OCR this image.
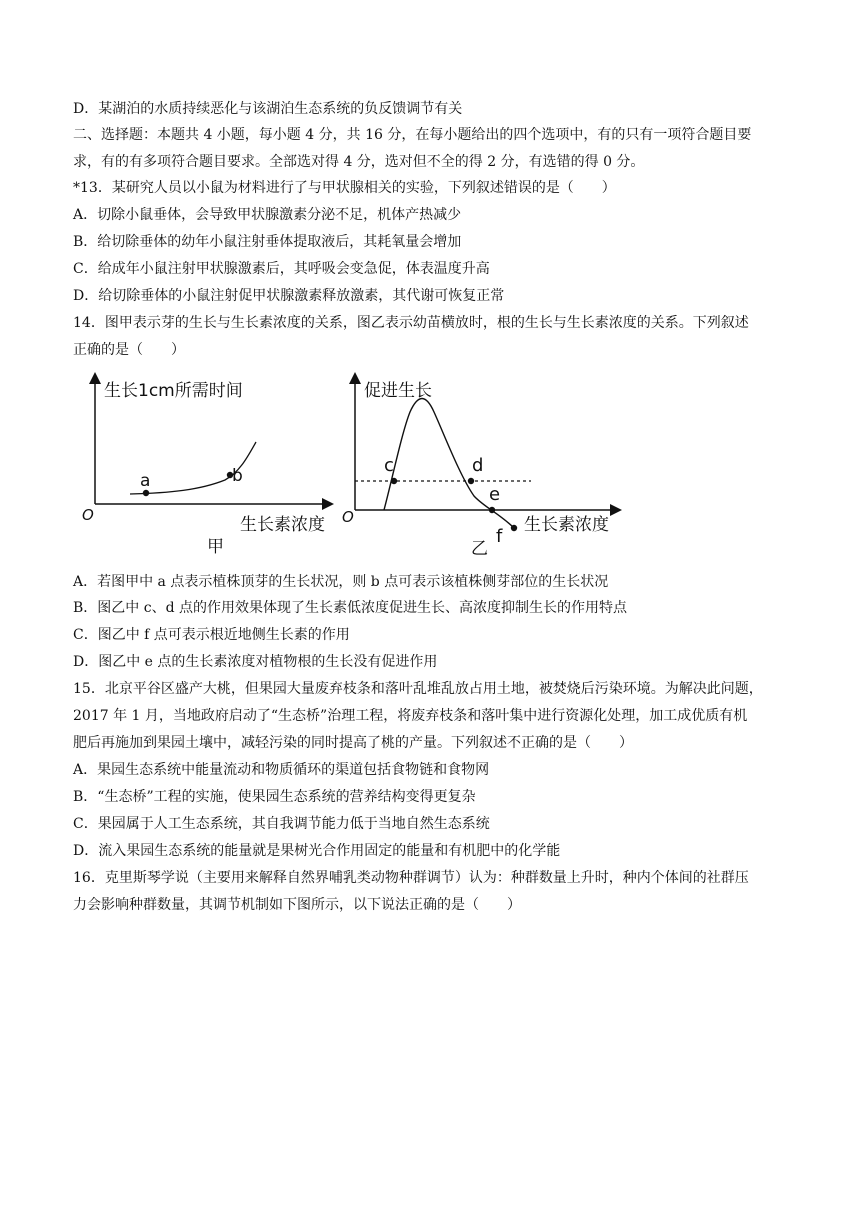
D．某湖泊的水质持续恶化与该湖泊生态系统的负反馈调节有关
二、选择题：本题共 4 小题，每小题 4 分，共 16 分，在每小题给出的四个选项中，有的只有一项符合题目要
求，有的有多项符合题目要求。全部选对得 4 分，选对但不全的得 2 分，有选错的得 0 分。
*13．某研究人员以小鼠为材料进行了与甲状腺相关的实验，下列叙述错误的是（　　）
A．切除小鼠垂体，会导致甲状腺激素分泌不足，机体产热减少
B．给切除垂体的幼年小鼠注射垂体提取液后，其耗氧量会增加
C．给成年小鼠注射甲状腺激素后，其呼吸会变急促，体表温度升高
D．给切除垂体的小鼠注射促甲状腺激素释放激素，其代谢可恢复正常
14．图甲表示芽的生长与生长素浓度的关系，图乙表示幼苗横放时，根的生长与生长素浓度的关系。下列叙述
正确的是（　　）
生长1cm所需时间
生长素浓度
O
a	b
甲
促进生长
生长素浓度
O
c	d
e
f
乙
A．若图甲中 a 点表示植株顶芽的生长状况，则 b 点可表示该植株侧芽部位的生长状况
B．图乙中 c、d 点的作用效果体现了生长素低浓度促进生长、高浓度抑制生长的作用特点
C．图乙中 f 点可表示根近地侧生长素的作用
D．图乙中 e 点的生长素浓度对植物根的生长没有促进作用
15．北京平谷区盛产大桃，但果园大量废弃枝条和落叶乱堆乱放占用土地，被焚烧后污染环境。为解决此问题，
2017 年 1 月，当地政府启动了“生态桥”治理工程，将废弃枝条和落叶集中进行资源化处理，加工成优质有机
肥后再施加到果园土壤中，减轻污染的同时提高了桃的产量。下列叙述不正确的是（　　）
A．果园生态系统中能量流动和物质循环的渠道包括食物链和食物网
B．“生态桥”工程的实施，使果园生态系统的营养结构变得更复杂
C．果园属于人工生态系统，其自我调节能力低于当地自然生态系统
D．流入果园生态系统的能量就是果树光合作用固定的能量和有机肥中的化学能
16．克里斯琴学说（主要用来解释自然界哺乳类动物种群调节）认为：种群数量上升时，种内个体间的社群压
力会影响种群数量，其调节机制如下图所示，以下说法正确的是（　　）
